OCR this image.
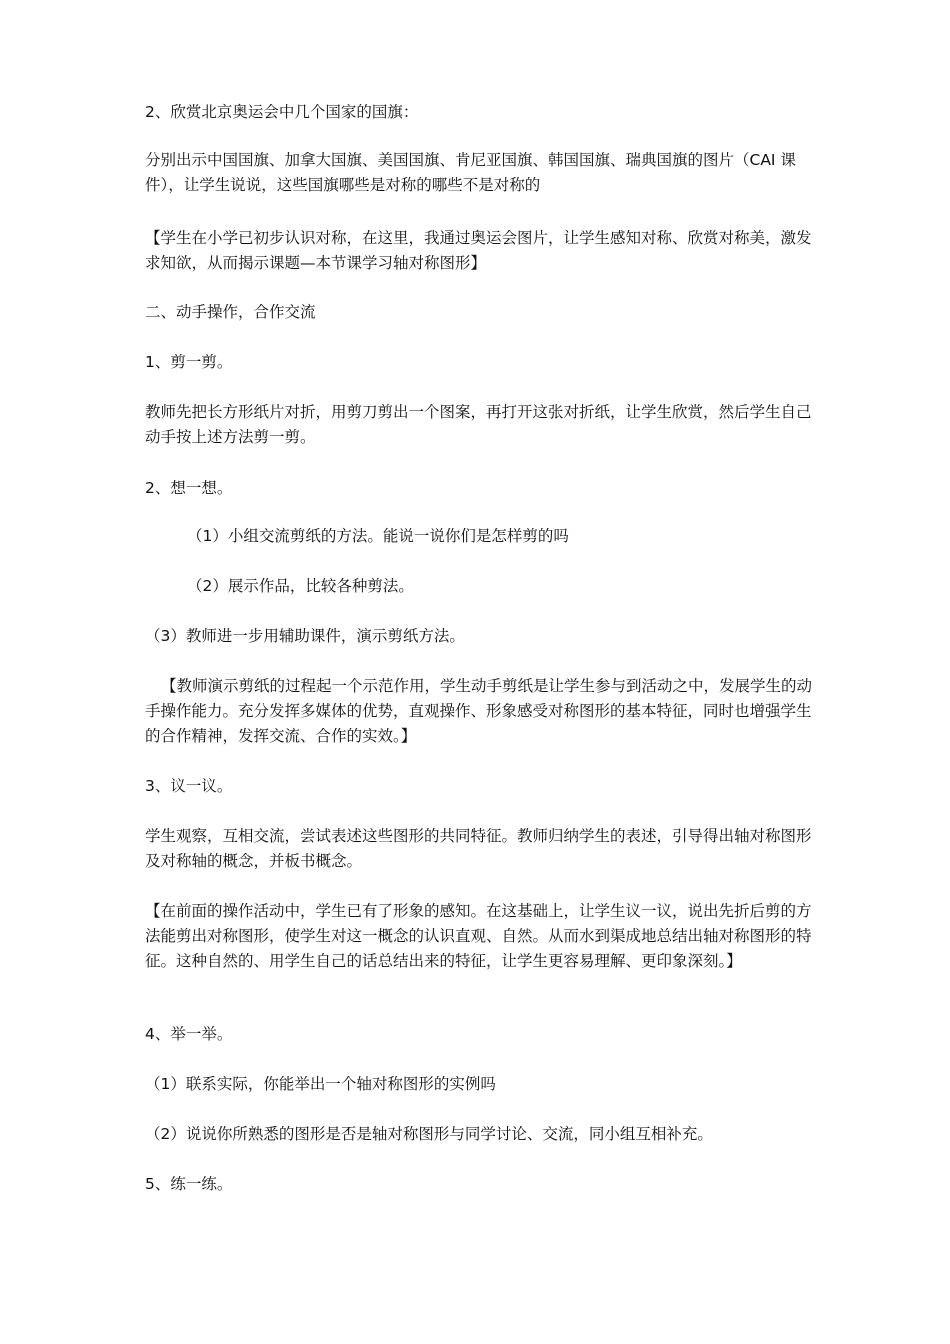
2、欣赏北京奥运会中几个国家的国旗：

分别出示中国国旗、加拿大国旗、美国国旗、肯尼亚国旗、韩国国旗、瑞典国旗的图片（CAI 课件），让学生说说，这些国旗哪些是对称的哪些不是对称的

【学生在小学已初步认识对称，在这里，我通过奥运会图片，让学生感知对称、欣赏对称美，激发求知欲，从而揭示课题—本节课学习轴对称图形】

二、动手操作，合作交流

1、剪一剪。

教师先把长方形纸片对折，用剪刀剪出一个图案，再打开这张对折纸，让学生欣赏，然后学生自己动手按上述方法剪一剪。

2、想一想。

（1）小组交流剪纸的方法。能说一说你们是怎样剪的吗

（2）展示作品，比较各种剪法。

（3）教师进一步用辅助课件，演示剪纸方法。

【教师演示剪纸的过程起一个示范作用，学生动手剪纸是让学生参与到活动之中，发展学生的动手操作能力。充分发挥多媒体的优势，直观操作、形象感受对称图形的基本特征，同时也增强学生的合作精神，发挥交流、合作的实效。】

3、议一议。

学生观察，互相交流，尝试表述这些图形的共同特征。教师归纳学生的表述，引导得出轴对称图形及对称轴的概念，并板书概念。

【在前面的操作活动中，学生已有了形象的感知。在这基础上，让学生议一议，说出先折后剪的方法能剪出对称图形，使学生对这一概念的认识直观、自然。从而水到渠成地总结出轴对称图形的特征。这种自然的、用学生自己的话总结出来的特征，让学生更容易理解、更印象深刻。】

4、举一举。

（1）联系实际，你能举出一个轴对称图形的实例吗

（2）说说你所熟悉的图形是否是轴对称图形与同学讨论、交流，同小组互相补充。

5、练一练。
